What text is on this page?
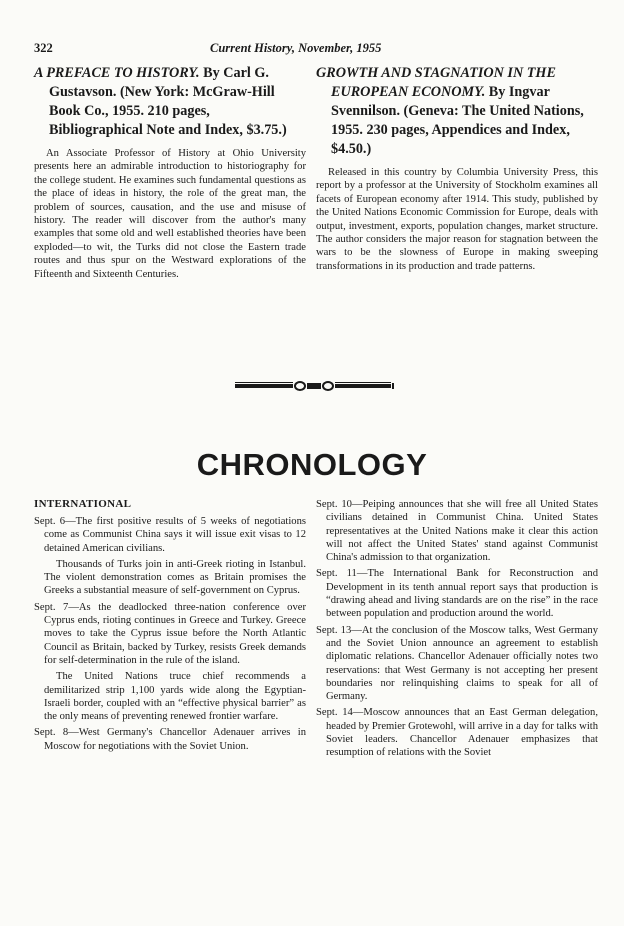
322	Current History, November, 1955

A PREFACE TO HISTORY. By Carl G. Gustavson. (New York: McGraw-Hill Book Co., 1955. 210 pages, Bibliographical Note and Index, $3.75.)

An Associate Professor of History at Ohio University presents here an admirable introduction to historiography for the college student. He examines such fundamental questions as the place of ideas in history, the role of the great man, the problem of sources, causation, and the use and misuse of history. The reader will discover from the author's many examples that some old and well established theories have been exploded—to wit, the Turks did not close the Eastern trade routes and thus spur on the Westward explorations of the Fifteenth and Sixteenth Centuries.

GROWTH AND STAGNATION IN THE EUROPEAN ECONOMY. By Ingvar Svennilson. (Geneva: The United Nations, 1955. 230 pages, Appendices and Index, $4.50.)

Released in this country by Columbia University Press, this report by a professor at the University of Stockholm examines all facets of European economy after 1914. This study, published by the United Nations Economic Commission for Europe, deals with output, investment, exports, population changes, market structure. The author considers the major reason for stagnation between the wars to be the slowness of Europe in making sweeping transformations in its production and trade patterns.

CHRONOLOGY

INTERNATIONAL

Sept. 6—The first positive results of 5 weeks of negotiations come as Communist China says it will issue exit visas to 12 detained American civilians.

Thousands of Turks join in anti-Greek rioting in Istanbul. The violent demonstration comes as Britain promises the Greeks a substantial measure of self-government on Cyprus.

Sept. 7—As the deadlocked three-nation conference over Cyprus ends, rioting continues in Greece and Turkey. Greece moves to take the Cyprus issue before the North Atlantic Council as Britain, backed by Turkey, resists Greek demands for self-determination in the rule of the island.

The United Nations truce chief recommends a demilitarized strip 1,100 yards wide along the Egyptian-Israeli border, coupled with an “effective physical barrier” as the only means of preventing renewed frontier warfare.

Sept. 8—West Germany's Chancellor Adenauer arrives in Moscow for negotiations with the Soviet Union.

Sept. 10—Peiping announces that she will free all United States civilians detained in Communist China. United States representatives at the United Nations make it clear this action will not affect the United States' stand against Communist China's admission to that organization.

Sept. 11—The International Bank for Reconstruction and Development in its tenth annual report says that production is “drawing ahead and living standards are on the rise” in the race between population and production around the world.

Sept. 13—At the conclusion of the Moscow talks, West Germany and the Soviet Union announce an agreement to establish diplomatic relations. Chancellor Adenauer officially notes two reservations: that West Germany is not accepting her present boundaries nor relinquishing claims to speak for all of Germany.

Sept. 14—Moscow announces that an East German delegation, headed by Premier Grotewohl, will arrive in a day for talks with Soviet leaders. Chancellor Adenauer emphasizes that resumption of relations with the Soviet
